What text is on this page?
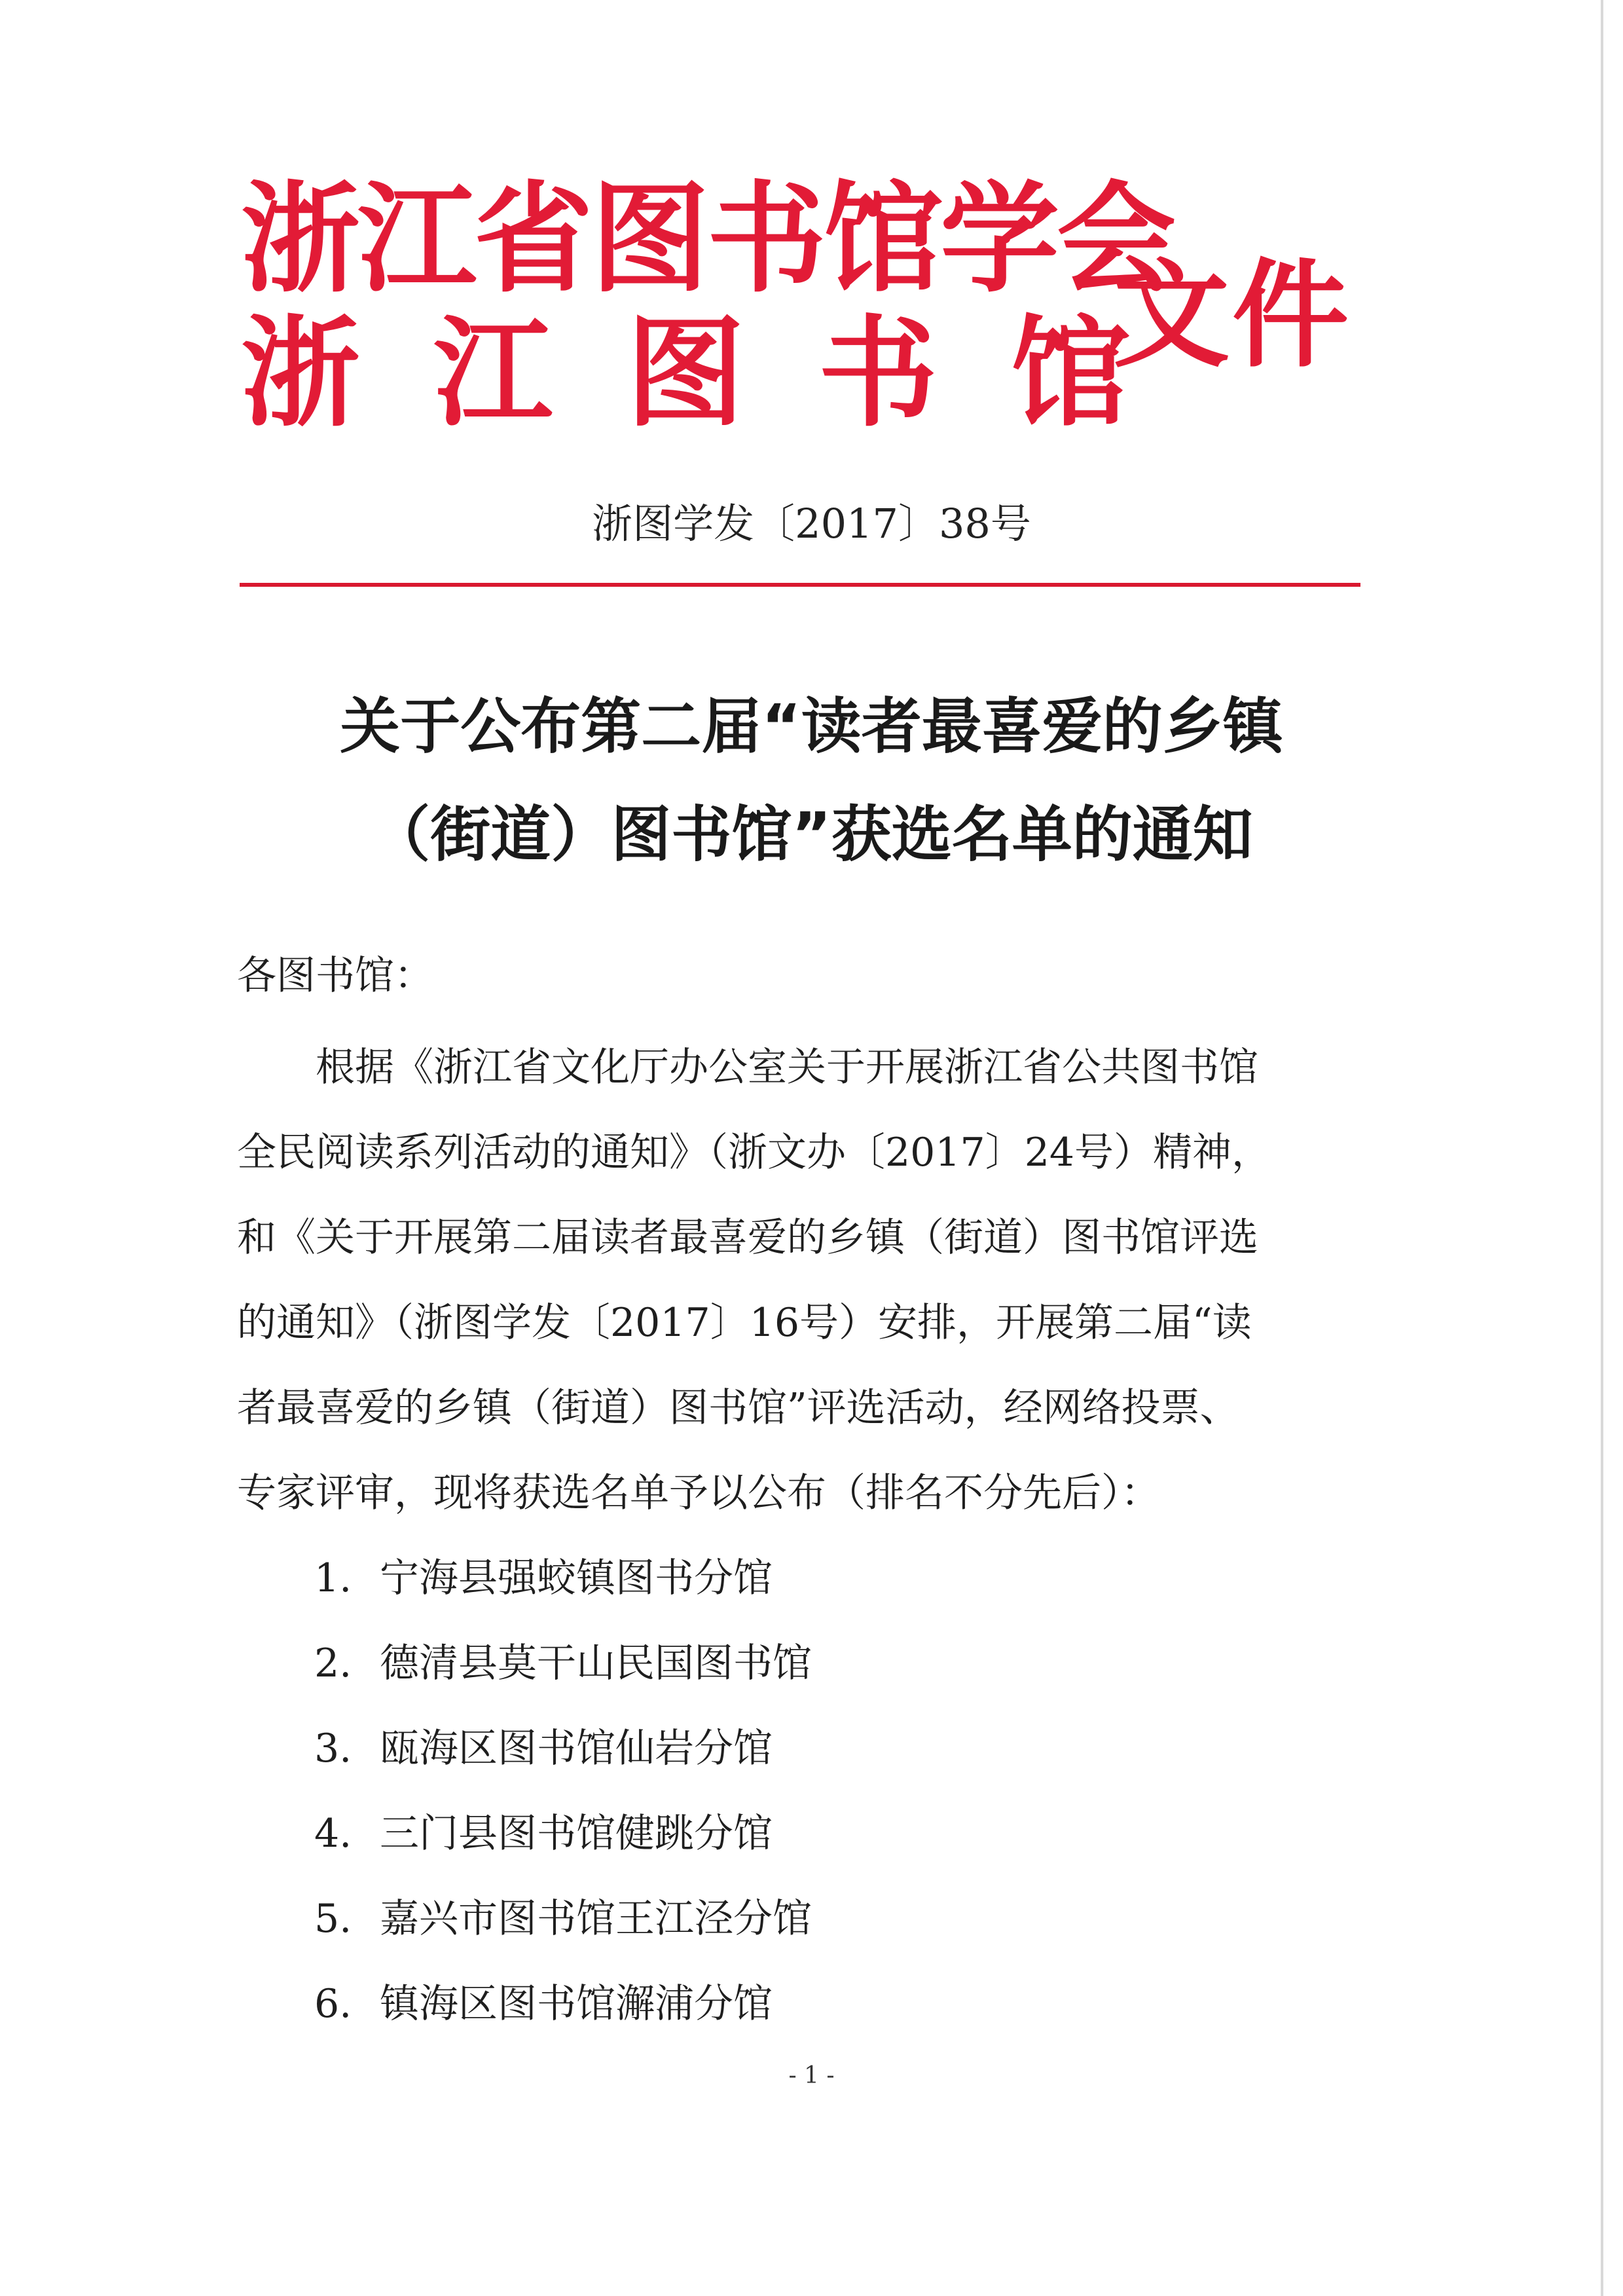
浙江省图书馆学会
浙江图书馆
文件
浙图学发〔2017〕38号
关于公布第二届“读者最喜爱的乡镇
（街道）图书馆”获选名单的通知
各图书馆：
根据《浙江省文化厅办公室关于开展浙江省公共图书馆
全民阅读系列活动的通知》（浙文办〔2017〕24号）精神，
和《关于开展第二届读者最喜爱的乡镇（街道）图书馆评选
的通知》（浙图学发〔2017〕16号）安排，开展第二届“读
者最喜爱的乡镇（街道）图书馆”评选活动，经网络投票、
专家评审，现将获选名单予以公布（排名不分先后）：
1. 宁海县强蛟镇图书分馆
2. 德清县莫干山民国图书馆
3. 瓯海区图书馆仙岩分馆
4. 三门县图书馆健跳分馆
5. 嘉兴市图书馆王江泾分馆
6. 镇海区图书馆澥浦分馆
- 1 -
